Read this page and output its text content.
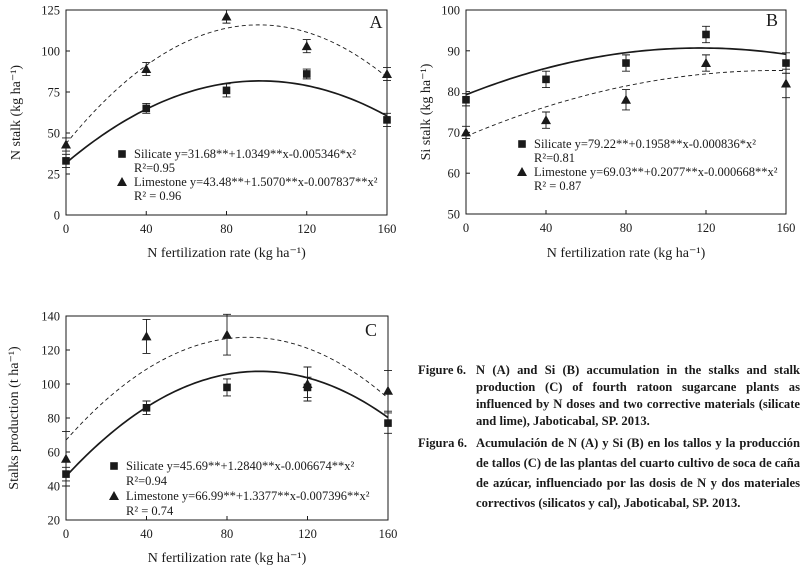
0	40	80	120	160
0
25
50
75
100
125
N fertilization rate (kg ha⁻¹)
N stalk (kg ha⁻¹)
A
Silicate y=31.68**+1.0349**x-0.005346*x²
R²=0.95
Limestone y=43.48**+1.5070**x-0.007837**x²
R² = 0.96
0	40	80	120	160
50
60
70
80
90
100
N fertilization rate (kg ha⁻¹)
Si stalk (kg ha⁻¹)
B
Silicate y=79.22**+0.1958**x-0.000836*x²
R²=0.81
Limestone y=69.03**+0.2077**x-0.000668**x²
R² = 0.87
0	40	80	120	160
20
40
60
80
100
120
140
N fertilization rate (kg ha⁻¹)
Stalks production (t ha⁻¹)
C
Silicate y=45.69**+1.2840**x-0.006674**x²
R²=0.94
Limestone y=66.99**+1.3377**x-0.007396**x²
R² = 0.74
Figure 6. N (A) and Si (B) accumulation in the stalks and stalk production (C) of fourth ratoon sugarcane plants as influenced by N doses and two corrective materials (silicate and lime), Jaboticabal, SP. 2013.
Figura 6. Acumulación de N (A) y Si (B) en los tallos y la producción de tallos (C) de las plantas del cuarto cultivo de soca de caña de azúcar, influenciado por las dosis de N y dos materiales correctivos (silicatos y cal), Jaboticabal, SP. 2013.
